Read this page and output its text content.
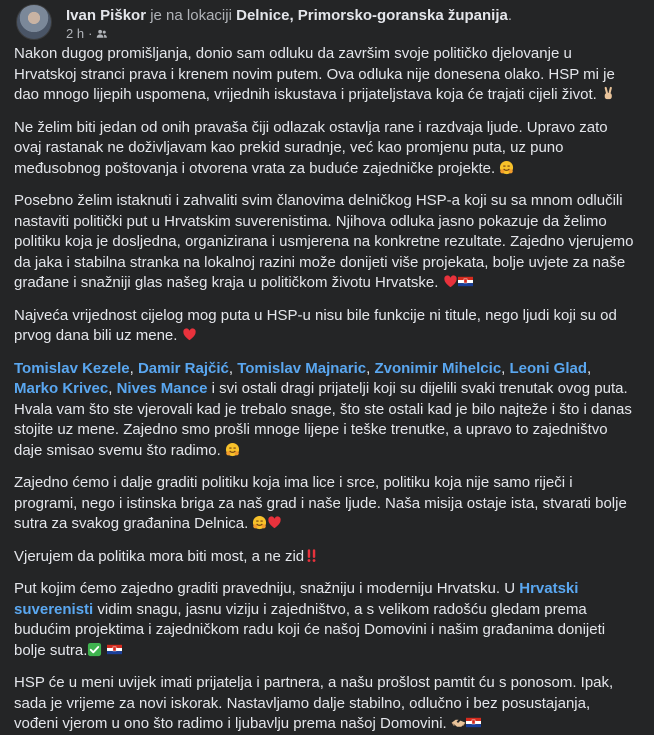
Ivan Piškor je na lokaciji Delnice, Primorsko-goranska županija.
2 h ·

Nakon dugog promišljanja, donio sam odluku da završim svoje političko djelovanje u Hrvatskoj stranci prava i krenem novim putem. Ova odluka nije donesena olako. HSP mi je dao mnogo lijepih uspomena, vrijednih iskustava i prijateljstava koja će trajati cijeli život.

Ne želim biti jedan od onih pravaša čiji odlazak ostavlja rane i razdvaja ljude. Upravo zato ovaj rastanak ne doživljavam kao prekid suradnje, već kao promjenu puta, uz puno međusobnog poštovanja i otvorena vrata za buduće zajedničke projekte.

Posebno želim istaknuti i zahvaliti svim članovima delničkog HSP-a koji su sa mnom odlučili nastaviti politički put u Hrvatskim suverenistima. Njihova odluka jasno pokazuje da želimo politiku koja je dosljedna, organizirana i usmjerena na konkretne rezultate. Zajedno vjerujemo da jaka i stabilna stranka na lokalnoj razini može donijeti više projekata, bolje uvjete za naše građane i snažniji glas našeg kraja u političkom životu Hrvatske.

Najveća vrijednost cijelog mog puta u HSP-u nisu bile funkcije ni titule, nego ljudi koji su od prvog dana bili uz mene.

Tomislav Kezele, Damir Rajčić, Tomislav Majnaric, Zvonimir Mihelcic, Leoni Glad, Marko Krivec, Nives Mance i svi ostali dragi prijatelji koji su dijelili svaki trenutak ovog puta. Hvala vam što ste vjerovali kad je trebalo snage, što ste ostali kad je bilo najteže i što i danas stojite uz mene. Zajedno smo prošli mnoge lijepe i teške trenutke, a upravo to zajedništvo daje smisao svemu što radimo.

Zajedno ćemo i dalje graditi politiku koja ima lice i srce, politiku koja nije samo riječi i programi, nego i istinska briga za naš grad i naše ljude. Naša misija ostaje ista, stvarati bolje sutra za svakog građanina Delnica.

Vjerujem da politika mora biti most, a ne zid

Put kojim ćemo zajedno graditi pravedniju, snažniju i moderniju Hrvatsku. U Hrvatski suverenisti vidim snagu, jasnu viziju i zajedništvo, a s velikom radošću gledam prema budućim projektima i zajedničkom radu koji će našoj Domovini i našim građanima donijeti bolje sutra.

HSP će u meni uvijek imati prijatelja i partnera, a našu prošlost pamtit ću s ponosom. Ipak, sada je vrijeme za novi iskorak. Nastavljamo dalje stabilno, odlučno i bez posustajanja, vođeni vjerom u ono što radimo i ljubavlju prema našoj Domovini.
